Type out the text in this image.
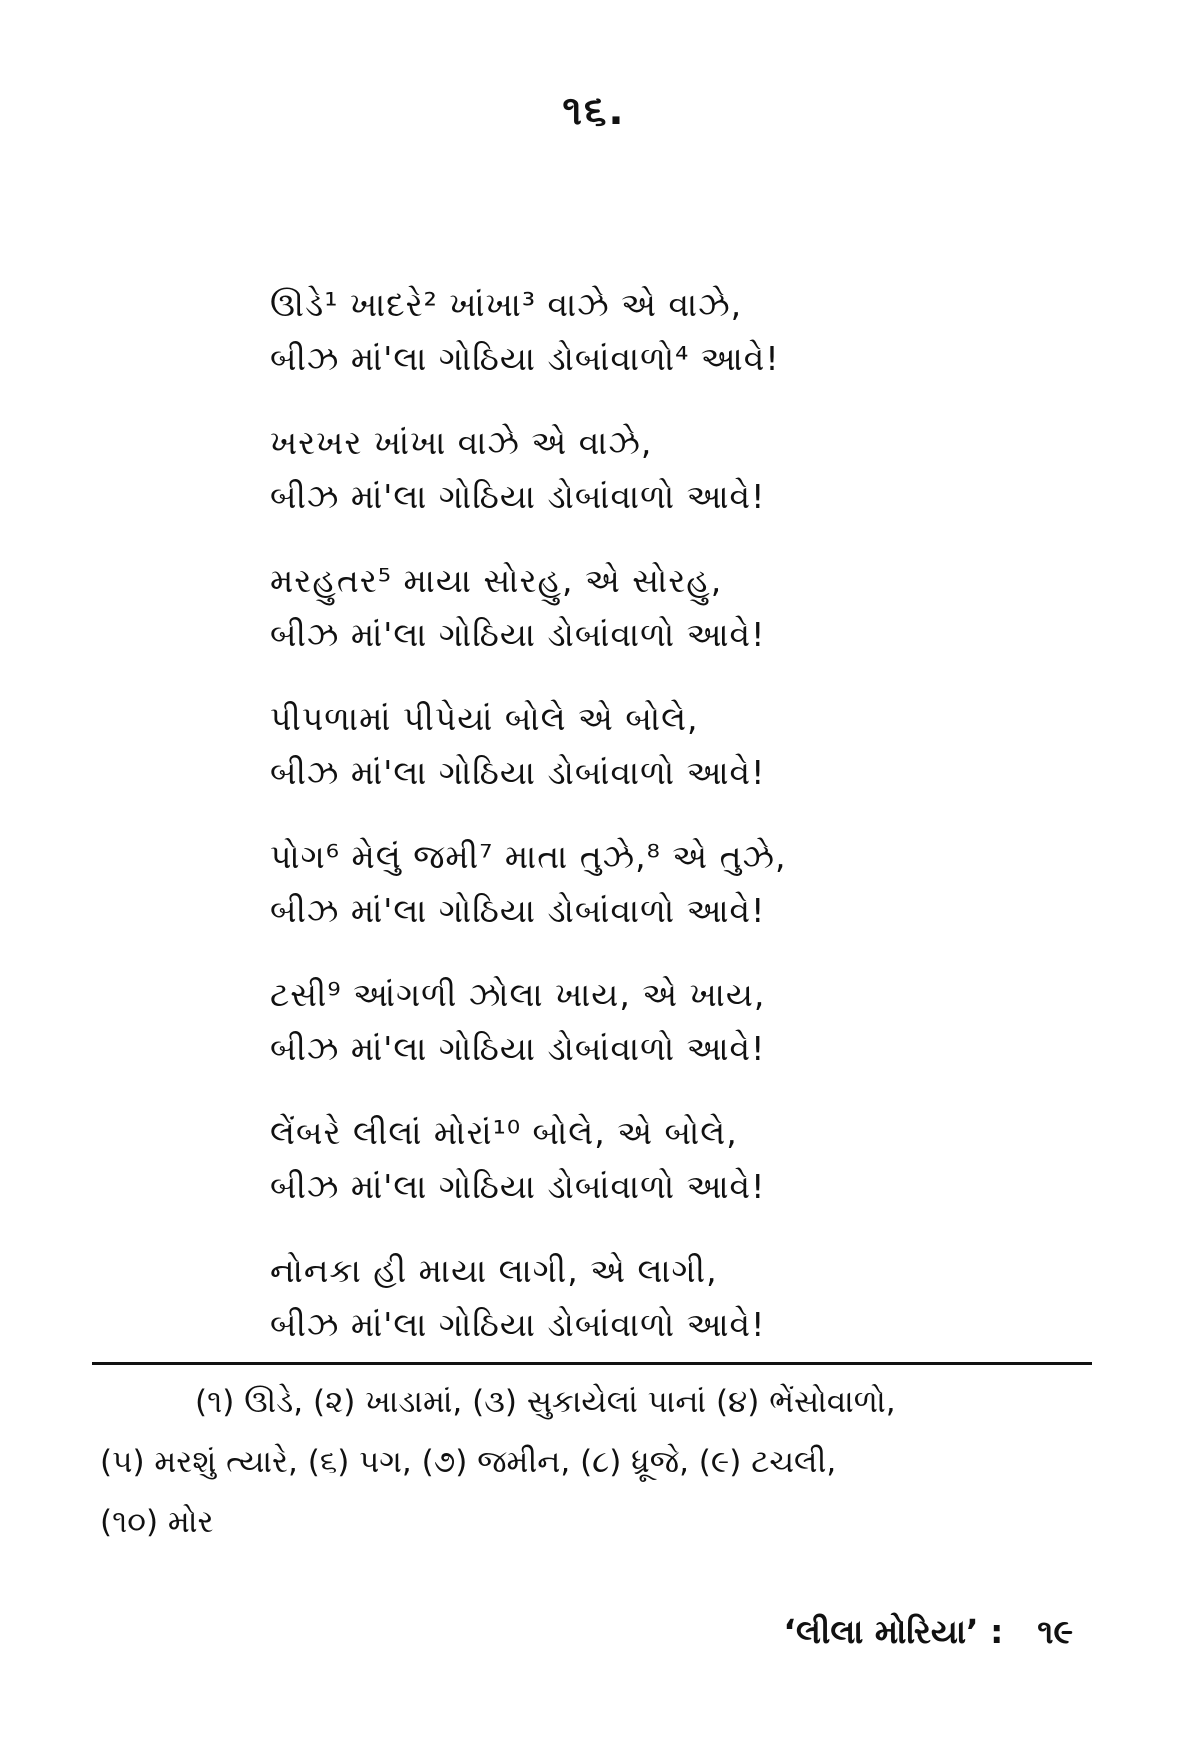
૧૬.
ઊડે¹ ખાદરે² ખાંખા³ વાઝે એ વાઝે,
બીઝ માં'લા ગોઠિયા ડોબાંવાળો⁴ આવે!
ખરખર ખાંખા વાઝે એ વાઝે,
બીઝ માં'લા ગોઠિયા ડોબાંવાળો આવે!
મરહુતર⁵ માયા સોરહુ, એ સોરહુ,
બીઝ માં'લા ગોઠિયા ડોબાંવાળો આવે!
પીપળામાં પીપેયાં બોલે એ બોલે,
બીઝ માં'લા ગોઠિયા ડોબાંવાળો આવે!
પોગ⁶ મેલું જમી⁷ માતા તુઝે,⁸ એ તુઝે,
બીઝ માં'લા ગોઠિયા ડોબાંવાળો આવે!
ટસી⁹ આંગળી ઝોલા ખાય, એ ખાય,
બીઝ માં'લા ગોઠિયા ડોબાંવાળો આવે!
લેંબરે લીલાં મોરાં¹⁰ બોલે, એ બોલે,
બીઝ માં'લા ગોઠિયા ડોબાંવાળો આવે!
નોનકા હી માયા લાગી, એ લાગી,
બીઝ માં'લા ગોઠિયા ડોબાંવાળો આવે!
(૧) ઊડે, (૨) ખાડામાં, (૩) સુકાયેલાં પાનાં (૪) ભેંસોવાળો,
(૫) મરશું ત્યારે, (૬) પગ, (૭) જમીન, (૮) ધ્રૂજે, (૯) ટચલી,
(૧૦) મોર
‘લીલા મોરિયા’ : ૧૯
